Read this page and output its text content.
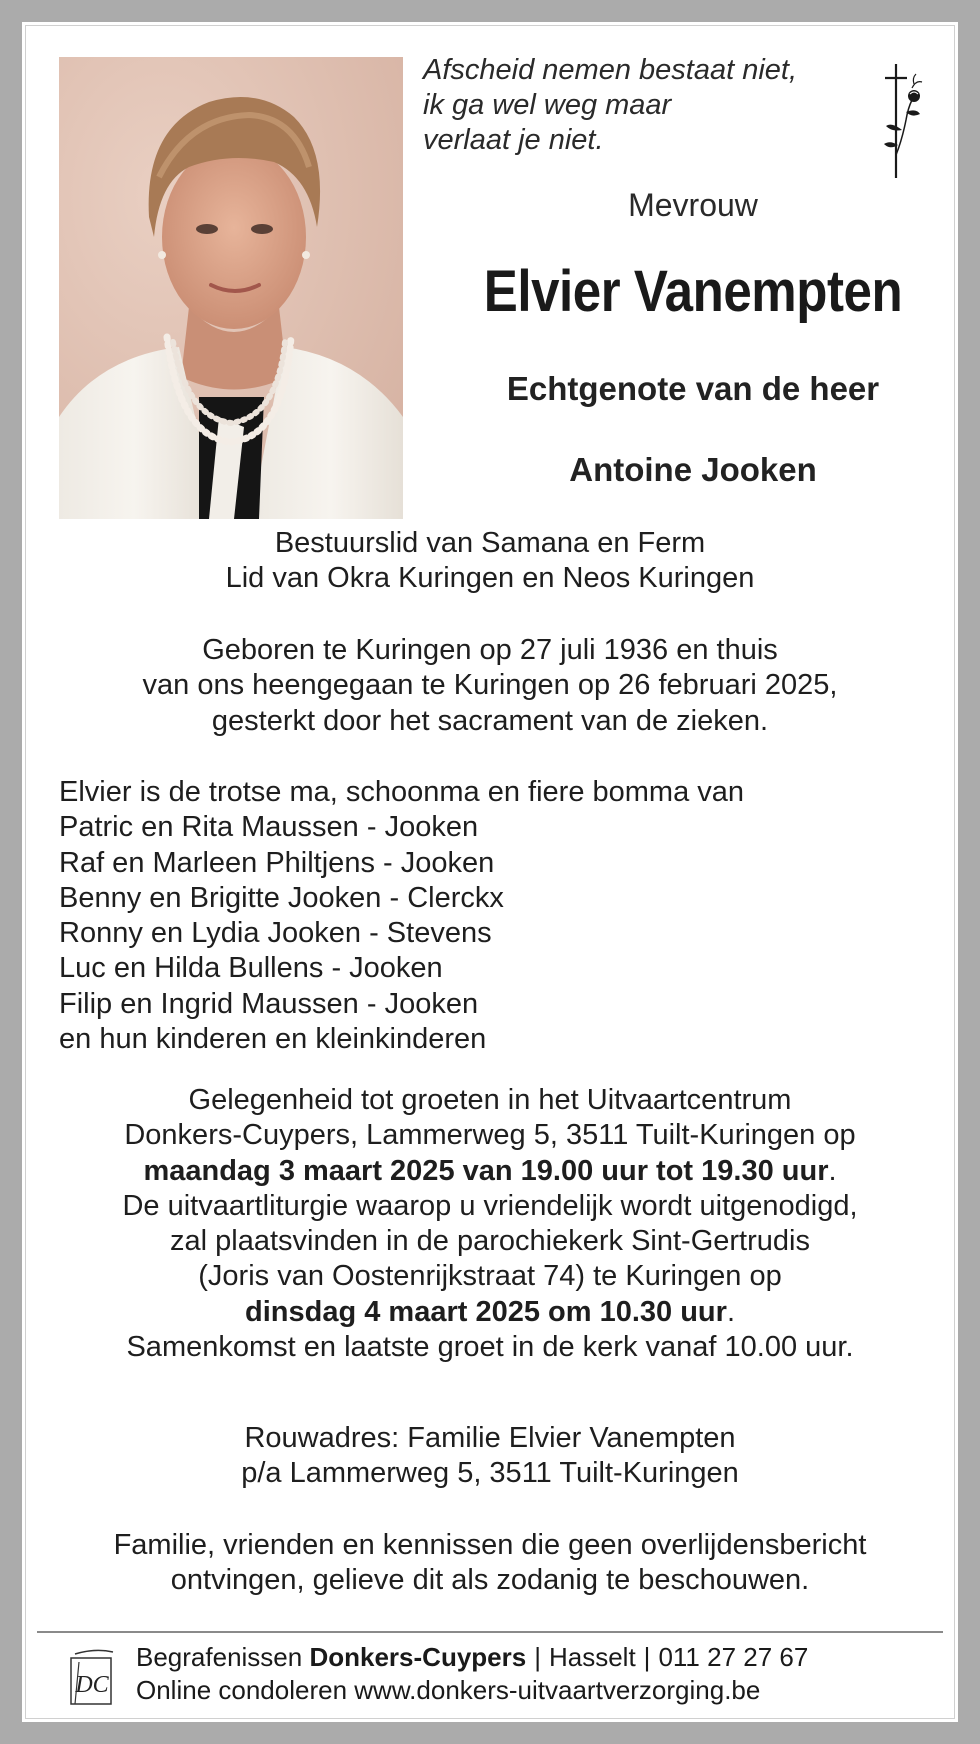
Afscheid nemen bestaat niet,
ik ga wel weg maar
verlaat je niet.
Mevrouw
Elvier Vanempten
Echtgenote van de heer
Antoine Jooken
Bestuurslid van Samana en Ferm
Lid van Okra Kuringen en Neos Kuringen
Geboren te Kuringen op 27 juli 1936 en thuis
van ons heengegaan te Kuringen op 26 februari 2025,
gesterkt door het sacrament van de zieken.
Elvier is de trotse ma, schoonma en fiere bomma van
Patric en Rita Maussen - Jooken
Raf en Marleen Philtjens - Jooken
Benny en Brigitte Jooken - Clerckx
Ronny en Lydia Jooken - Stevens
Luc en Hilda Bullens - Jooken
Filip en Ingrid Maussen - Jooken
en hun kinderen en kleinkinderen
Gelegenheid tot groeten in het Uitvaartcentrum
Donkers-Cuypers, Lammerweg 5, 3511 Tuilt-Kuringen op
maandag 3 maart 2025 van 19.00 uur tot 19.30 uur.
De uitvaartliturgie waarop u vriendelijk wordt uitgenodigd,
zal plaatsvinden in de parochiekerk Sint-Gertrudis
(Joris van Oostenrijkstraat 74) te Kuringen op
dinsdag 4 maart 2025 om 10.30 uur.
Samenkomst en laatste groet in de kerk vanaf 10.00 uur.
Rouwadres: Familie Elvier Vanempten
p/a Lammerweg 5, 3511 Tuilt-Kuringen
Familie, vrienden en kennissen die geen overlijdensbericht
ontvingen, gelieve dit als zodanig te beschouwen.
DC
Begrafenissen Donkers-Cuypers | Hasselt | 011 27 27 67
Online condoleren www.donkers-uitvaartverzorging.be
